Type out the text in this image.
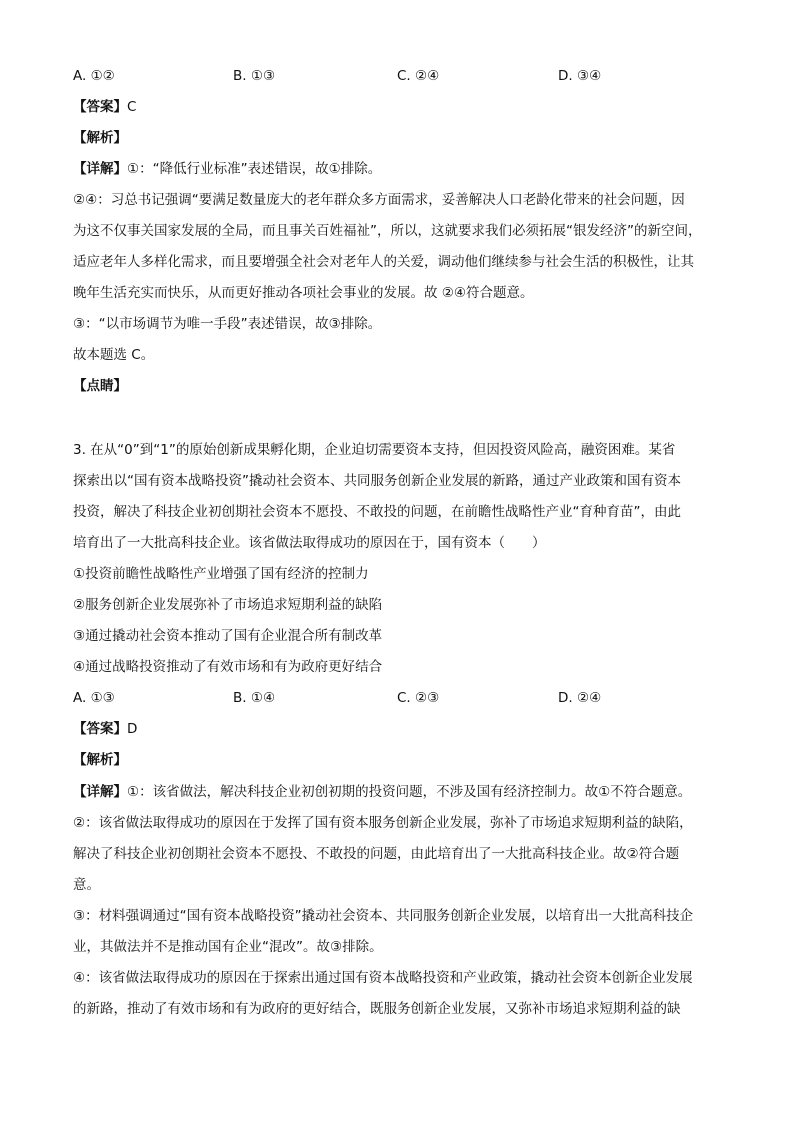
A. ①②	B. ①③	C. ②④	D. ③④
【答案】C
【解析】
【详解】①：“降低行业标准”表述错误，故①排除。
②④：习总书记强调“要满足数量庞大的老年群众多方面需求，妥善解决人口老龄化带来的社会问题，因
为这不仅事关国家发展的全局，而且事关百姓福祉”，所以，这就要求我们必须拓展“银发经济”的新空间，
适应老年人多样化需求，而且要增强全社会对老年人的关爱，调动他们继续参与社会生活的积极性，让其
晚年生活充实而快乐，从而更好推动各项社会事业的发展。故 ②④符合题意。
③：“以市场调节为唯一手段”表述错误，故③排除。
故本题选 C。
【点睛】
3. 在从“0”到“1”的原始创新成果孵化期，企业迫切需要资本支持，但因投资风险高，融资困难。某省
探索出以“国有资本战略投资”撬动社会资本、共同服务创新企业发展的新路，通过产业政策和国有资本
投资，解决了科技企业初创期社会资本不愿投、不敢投的问题，在前瞻性战略性产业“育种育苗”，由此
培育出了一大批高科技企业。该省做法取得成功的原因在于，国有资本（　　）
①投资前瞻性战略性产业增强了国有经济的控制力
②服务创新企业发展弥补了市场追求短期利益的缺陷
③通过撬动社会资本推动了国有企业混合所有制改革
④通过战略投资推动了有效市场和有为政府更好结合
A. ①③	B. ①④	C. ②③	D. ②④
【答案】D
【解析】
【详解】①：该省做法，解决科技企业初创初期的投资问题，不涉及国有经济控制力。故①不符合题意。
②：该省做法取得成功的原因在于发挥了国有资本服务创新企业发展，弥补了市场追求短期利益的缺陷，
解决了科技企业初创期社会资本不愿投、不敢投的问题，由此培育出了一大批高科技企业。故②符合题
意。
③：材料强调通过“国有资本战略投资”撬动社会资本、共同服务创新企业发展，以培育出一大批高科技企
业，其做法并不是推动国有企业“混改”。故③排除。
④：该省做法取得成功的原因在于探索出通过国有资本战略投资和产业政策，撬动社会资本创新企业发展
的新路，推动了有效市场和有为政府的更好结合，既服务创新企业发展，又弥补市场追求短期利益的缺
